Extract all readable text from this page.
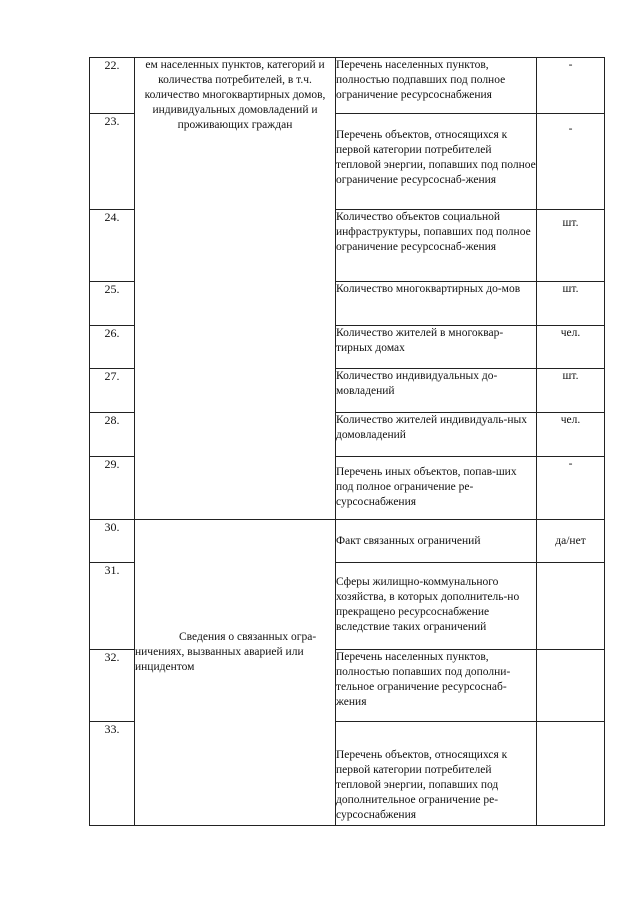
22.	ем населенных пунктов, категорий и количества потребителей, в т.ч. количество многоквартирных домов, индивидуальных домовладений и проживающих граждан	Перечень населенных пунктов, полностью подпавших под полное ограничение ресурсоснабжения	-
23.		Перечень объектов, относящихся к первой категории потребителей тепловой энергии, попавших под полное ограничение ресурсоснаб-жения	-
24.		Количество объектов социальной инфраструктуры, попавших под полное ограничение ресурсоснаб-жения	шт.
25.		Количество многоквартирных до-мов	шт.
26.		Количество жителей в многоквар-тирных домах	чел.
27.		Количество индивидуальных до-мовладений	шт.
28.		Количество жителей индивидуаль-ных домовладений	чел.
29.		Перечень иных объектов, попав-ших под полное ограничение ре-сурсоснабжения	-
30.	Сведения о связанных огра- ничениях, вызванных аварией или инцидентом	Факт связанных ограничений	да/нет
31.		Сферы жилищно-коммунального хозяйства, в которых дополнитель-но прекращено ресурсоснабжение вследствие таких ограничений	
32.		Перечень населенных пунктов, полностью попавших под дополни-тельное ограничение ресурсоснаб-жения	
33.		Перечень объектов, относящихся к первой категории потребителей тепловой энергии, попавших под дополнительное ограничение ре-сурсоснабжения	
